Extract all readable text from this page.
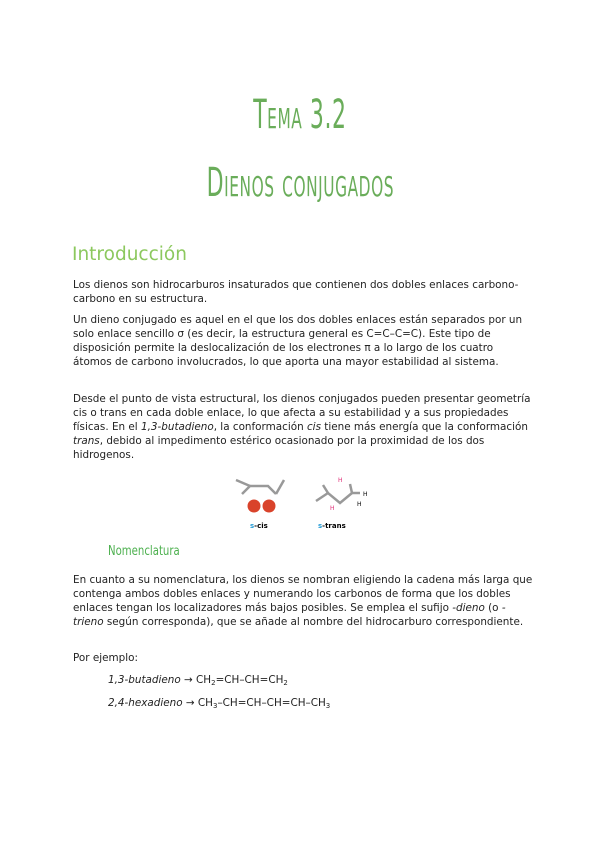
Tema 3.2
Dienos conjugados
Introducción

Los dienos son hidrocarburos insaturados que contienen dos dobles enlaces carbono-carbono en su estructura.

Un dieno conjugado es aquel en el que los dos dobles enlaces están separados por un solo enlace sencillo σ (es decir, la estructura general es C=C–C=C). Este tipo de disposición permite la deslocalización de los electrones π a lo largo de los cuatro átomos de carbono involucrados, lo que aporta una mayor estabilidad al sistema.

Desde el punto de vista estructural, los dienos conjugados pueden presentar geometría cis o trans en cada doble enlace, lo que afecta a su estabilidad y a sus propiedades físicas. En el 1,3-butadieno, la conformación cis tiene más energía que la conformación trans, debido al impedimento estérico ocasionado por la proximidad de los dos hidrogenos.

s-cis
H
H
H
H
s-trans
Nomenclatura

En cuanto a su nomenclatura, los dienos se nombran eligiendo la cadena más larga que contenga ambos dobles enlaces y numerando los carbonos de forma que los dobles enlaces tengan los localizadores más bajos posibles. Se emplea el sufijo -dieno (o -trieno según corresponda), que se añade al nombre del hidrocarburo correspondiente.

Por ejemplo:

1,3-butadieno → $CH_2=CH-CH=CH_2$
2,4-hexadieno → $CH_3-CH=CH-CH=CH-CH_3$
